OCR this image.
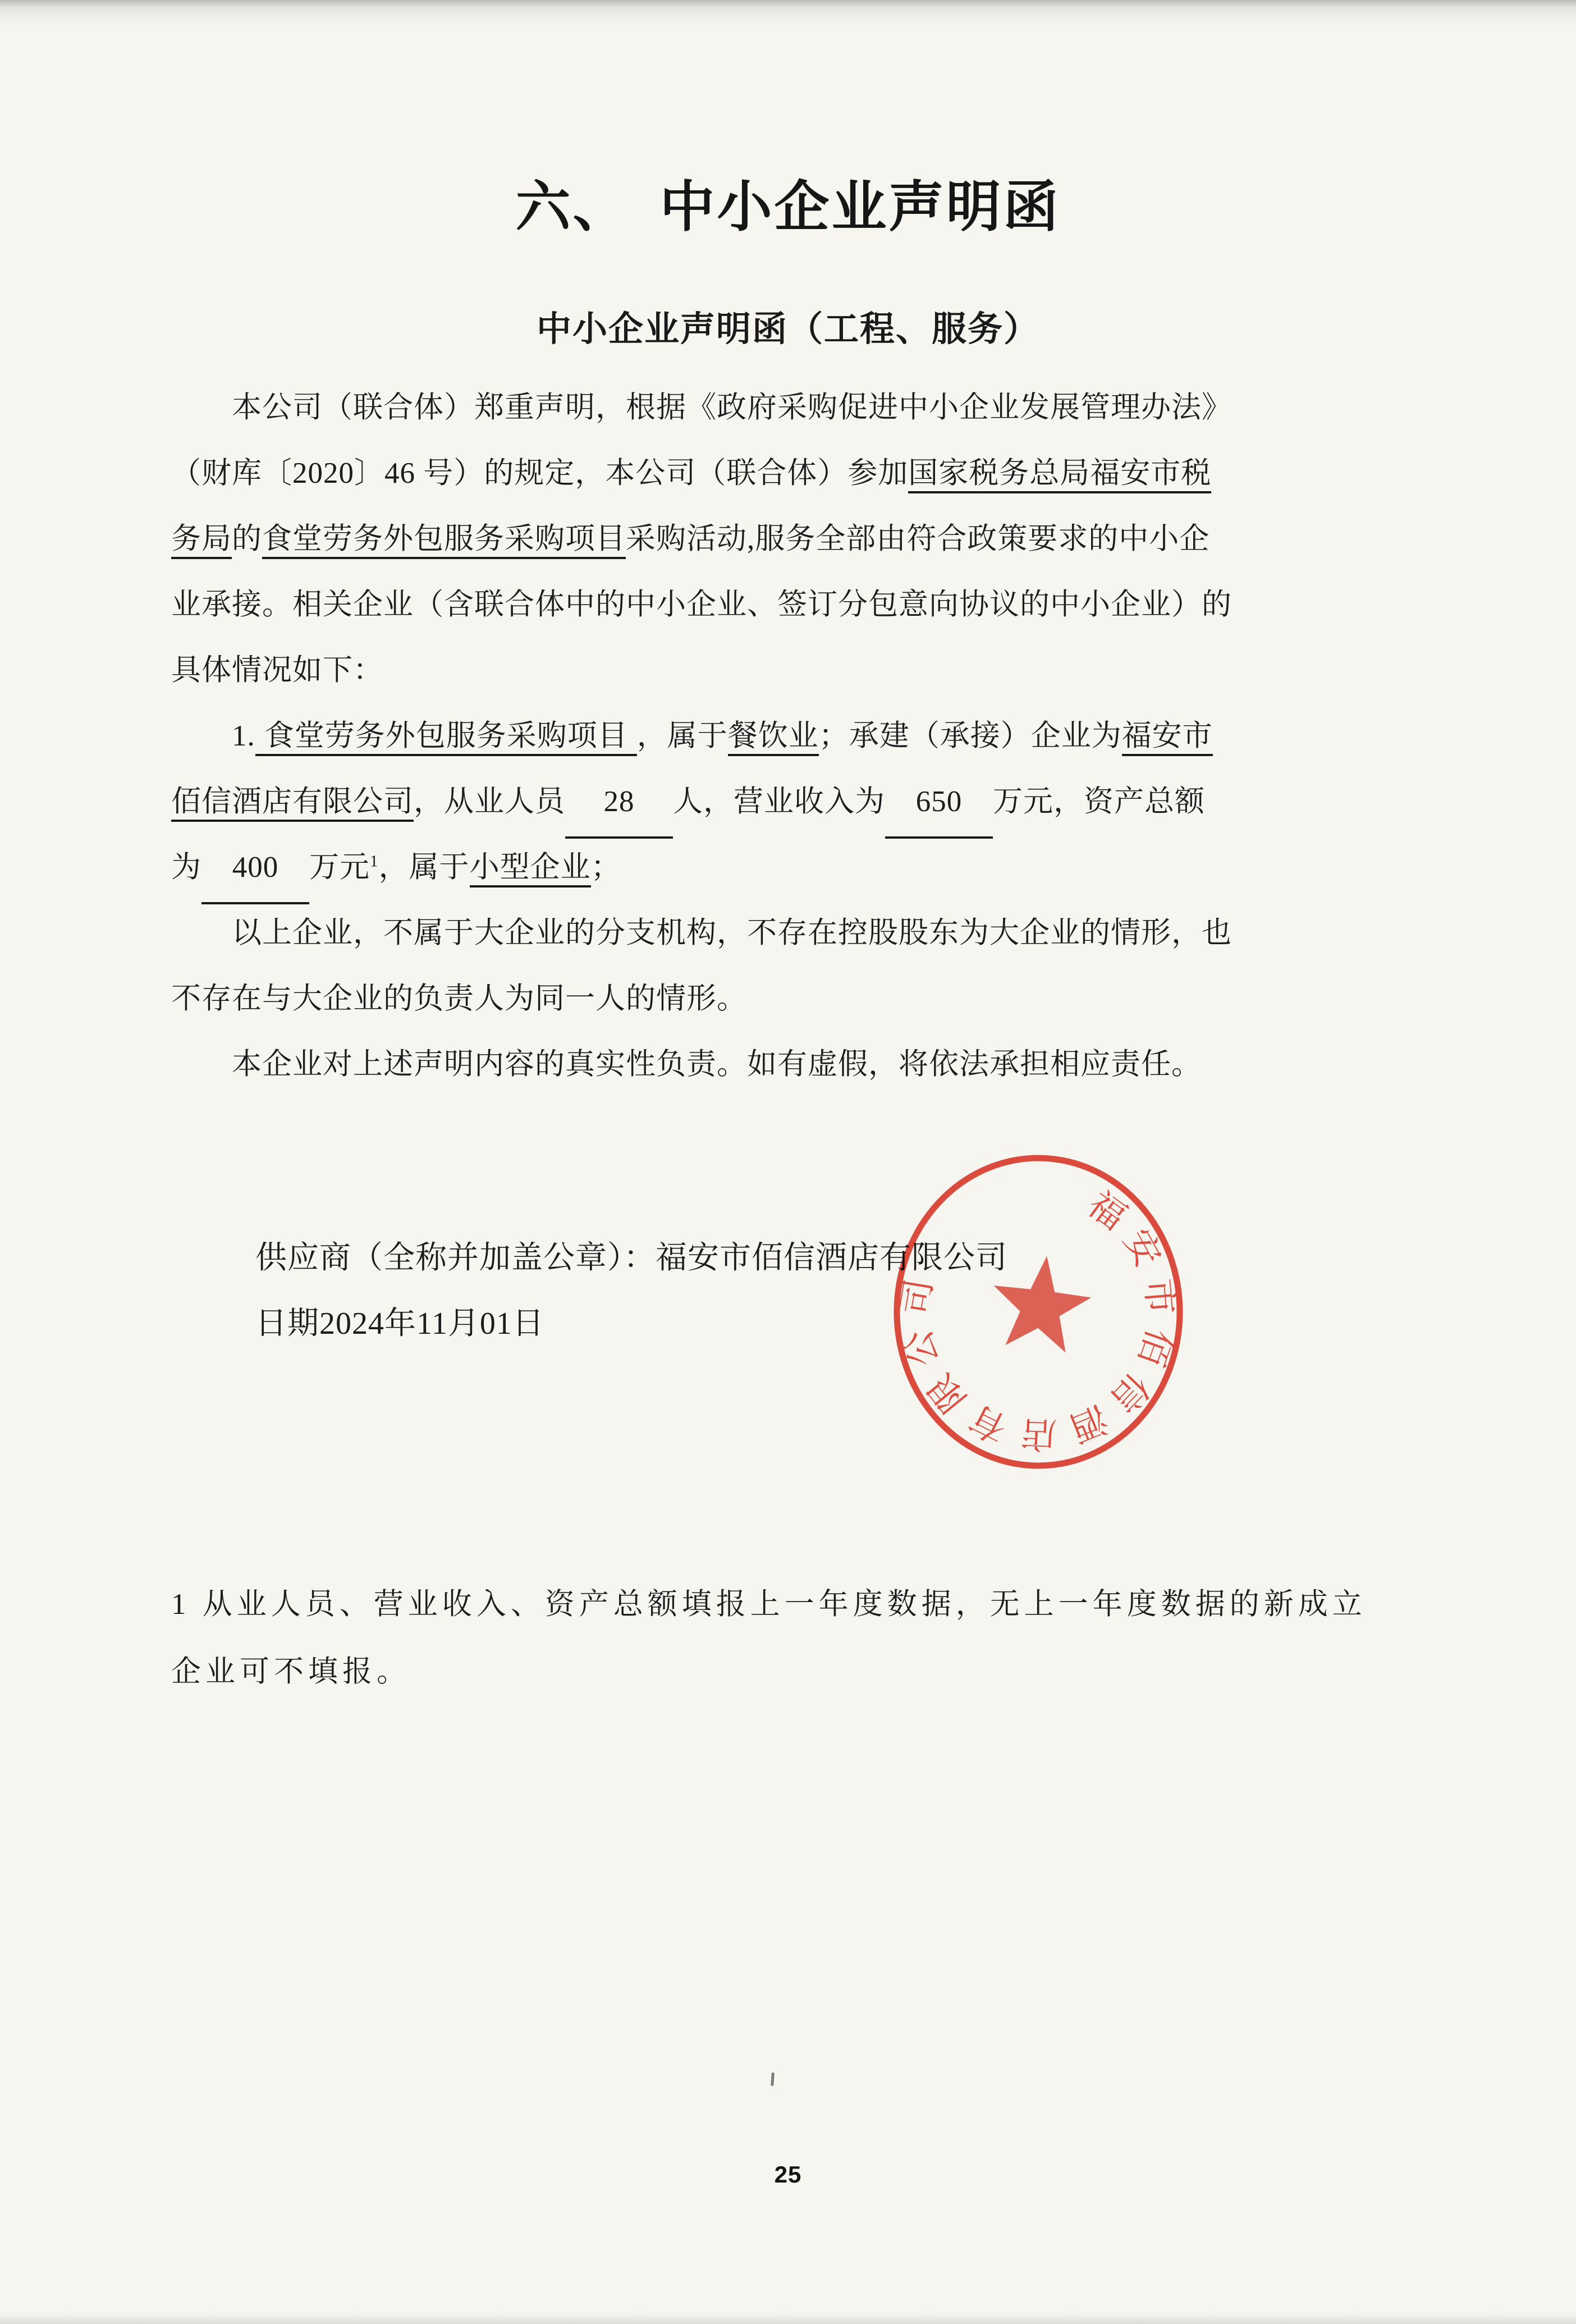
六、　中小企业声明函
中小企业声明函（工程、服务）
本公司（联合体）郑重声明，根据《政府采购促进中小企业发展管理办法》
（财库〔2020〕46 号）的规定，本公司（联合体）参加国家税务总局福安市税
务局的食堂劳务外包服务采购项目采购活动,服务全部由符合政策要求的中小企
业承接。相关企业（含联合体中的中小企业、签订分包意向协议的中小企业）的
具体情况如下：
1. 食堂劳务外包服务采购项目 ，属于餐饮业；承建（承接）企业为福安市
佰信酒店有限公司，从业人员 28 人，营业收入为 650 万元，资产总额
为 400 万元$^1$，属于小型企业；
以上企业，不属于大企业的分支机构，不存在控股股东为大企业的情形，也
不存在与大企业的负责人为同一人的情形。
本企业对上述声明内容的真实性负责。如有虚假，将依法承担相应责任。
供应商（全称并加盖公章）：福安市佰信酒店有限公司
日期2024年11月01日
福安市佰信酒店有限公司
1 从业人员、营业收入、资产总额填报上一年度数据，无上一年度数据的新成立
企业可不填报。
25
